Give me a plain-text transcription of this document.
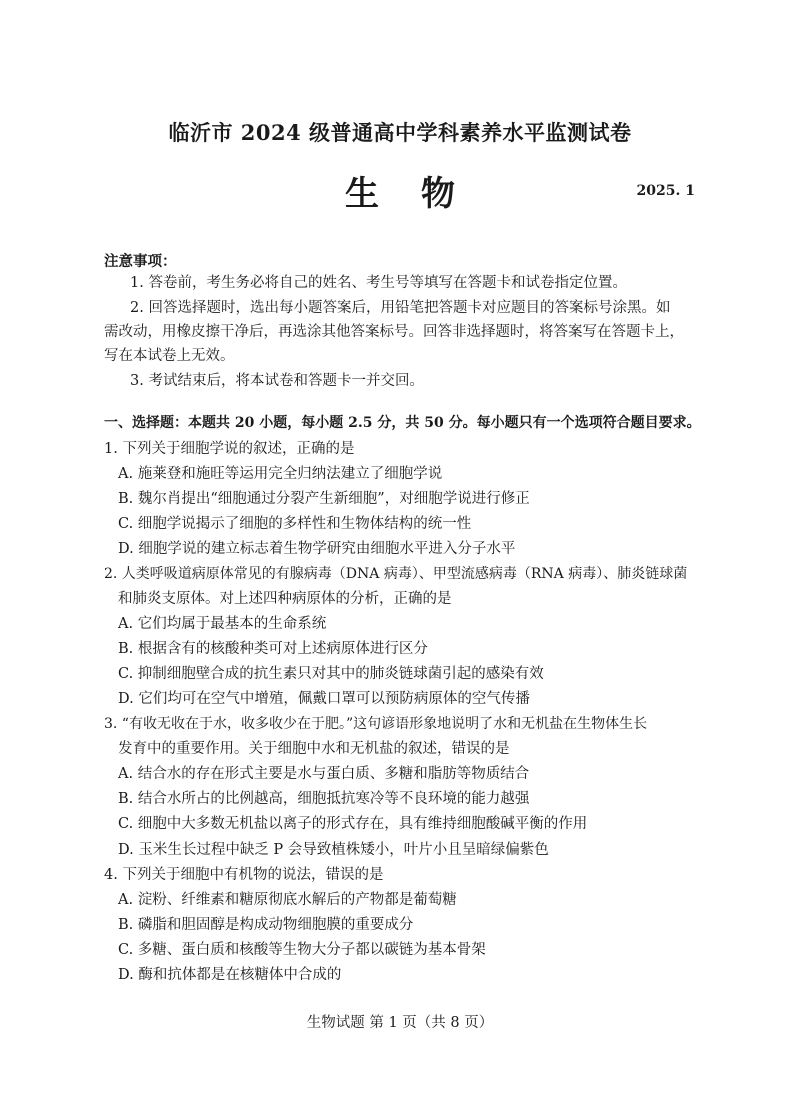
临沂市 2024 级普通高中学科素养水平监测试卷
生物	2025. 1
注意事项：
1. 答卷前，考生务必将自己的姓名、考生号等填写在答题卡和试卷指定位置。
2. 回答选择题时，选出每小题答案后，用铅笔把答题卡对应题目的答案标号涂黑。如
需改动，用橡皮擦干净后，再选涂其他答案标号。回答非选择题时，将答案写在答题卡上，
写在本试卷上无效。
3. 考试结束后，将本试卷和答题卡一并交回。
一、选择题：本题共 20 小题，每小题 2.5 分，共 50 分。每小题只有一个选项符合题目要求。
1. 下列关于细胞学说的叙述，正确的是
A. 施莱登和施旺等运用完全归纳法建立了细胞学说
B. 魏尔肖提出“细胞通过分裂产生新细胞”，对细胞学说进行修正
C. 细胞学说揭示了细胞的多样性和生物体结构的统一性
D. 细胞学说的建立标志着生物学研究由细胞水平进入分子水平
2. 人类呼吸道病原体常见的有腺病毒（DNA 病毒）、甲型流感病毒（RNA 病毒）、肺炎链球菌
和肺炎支原体。对上述四种病原体的分析，正确的是
A. 它们均属于最基本的生命系统
B. 根据含有的核酸种类可对上述病原体进行区分
C. 抑制细胞壁合成的抗生素只对其中的肺炎链球菌引起的感染有效
D. 它们均可在空气中增殖，佩戴口罩可以预防病原体的空气传播
3. “有收无收在于水，收多收少在于肥。”这句谚语形象地说明了水和无机盐在生物体生长
发育中的重要作用。关于细胞中水和无机盐的叙述，错误的是
A. 结合水的存在形式主要是水与蛋白质、多糖和脂肪等物质结合
B. 结合水所占的比例越高，细胞抵抗寒冷等不良环境的能力越强
C. 细胞中大多数无机盐以离子的形式存在，具有维持细胞酸碱平衡的作用
D. 玉米生长过程中缺乏 P 会导致植株矮小，叶片小且呈暗绿偏紫色
4. 下列关于细胞中有机物的说法，错误的是
A. 淀粉、纤维素和糖原彻底水解后的产物都是葡萄糖
B. 磷脂和胆固醇是构成动物细胞膜的重要成分
C. 多糖、蛋白质和核酸等生物大分子都以碳链为基本骨架
D. 酶和抗体都是在核糖体中合成的
生物试题 第 1 页（共 8 页）
